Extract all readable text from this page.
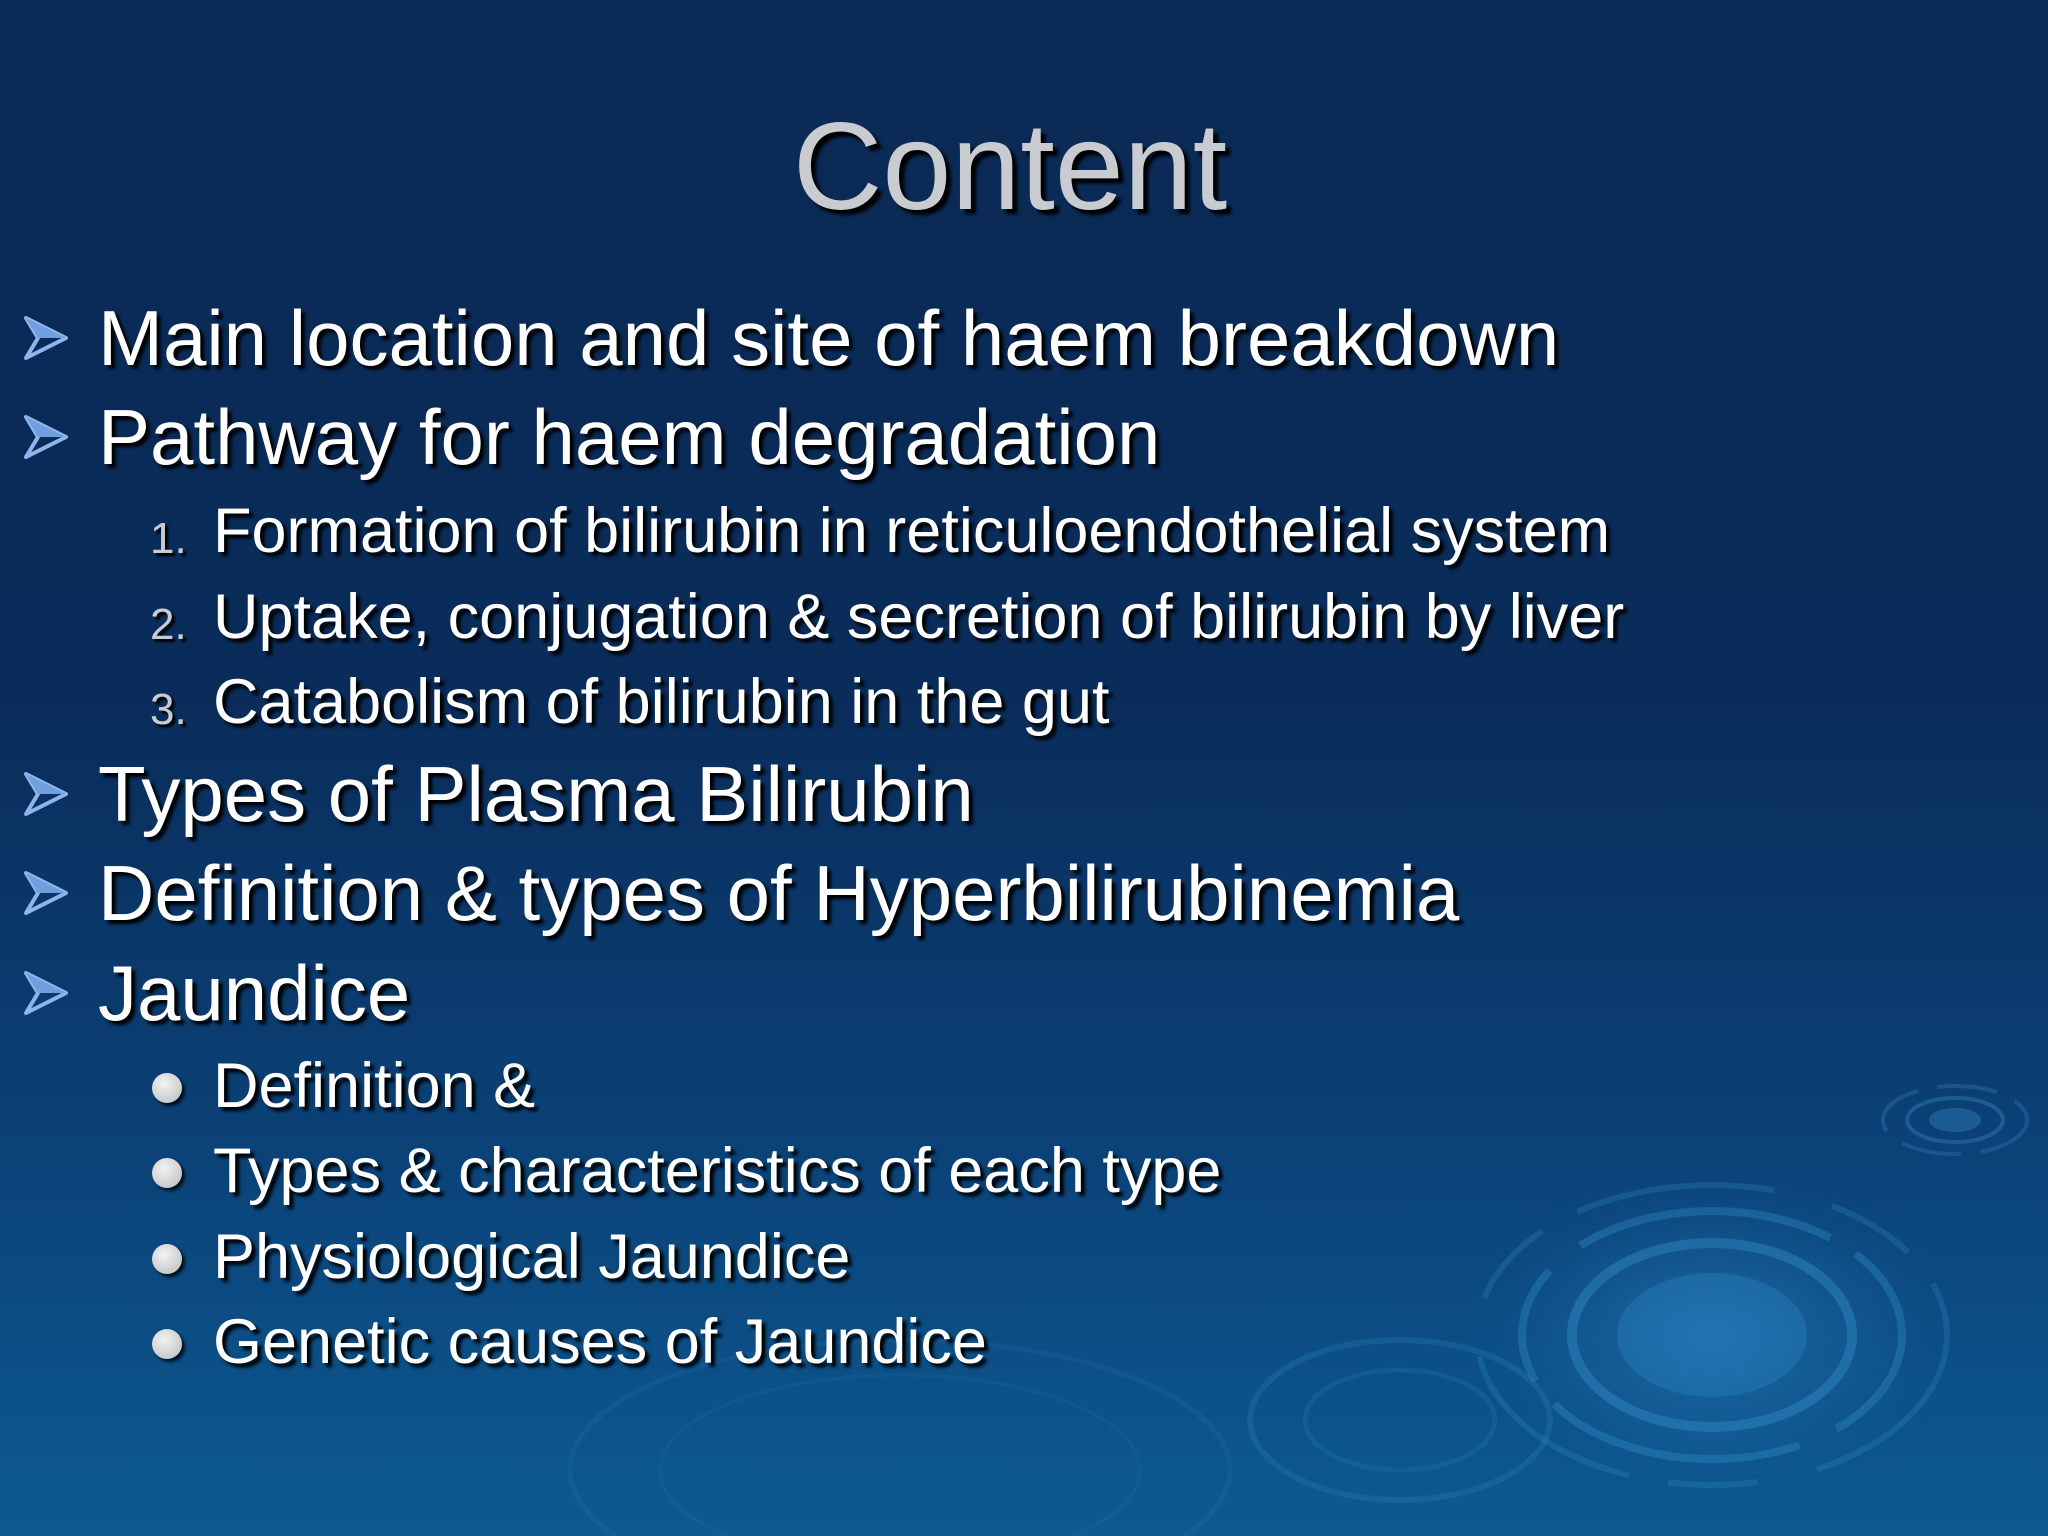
Content
Main location and site of haem breakdown
Pathway for haem degradation
1. Formation of bilirubin in reticuloendothelial system
2. Uptake, conjugation & secretion of bilirubin by liver
3. Catabolism of bilirubin in the gut
Types of Plasma Bilirubin
Definition & types of Hyperbilirubinemia
Jaundice
Definition &
Types & characteristics of each type
Physiological Jaundice
Genetic causes of Jaundice
